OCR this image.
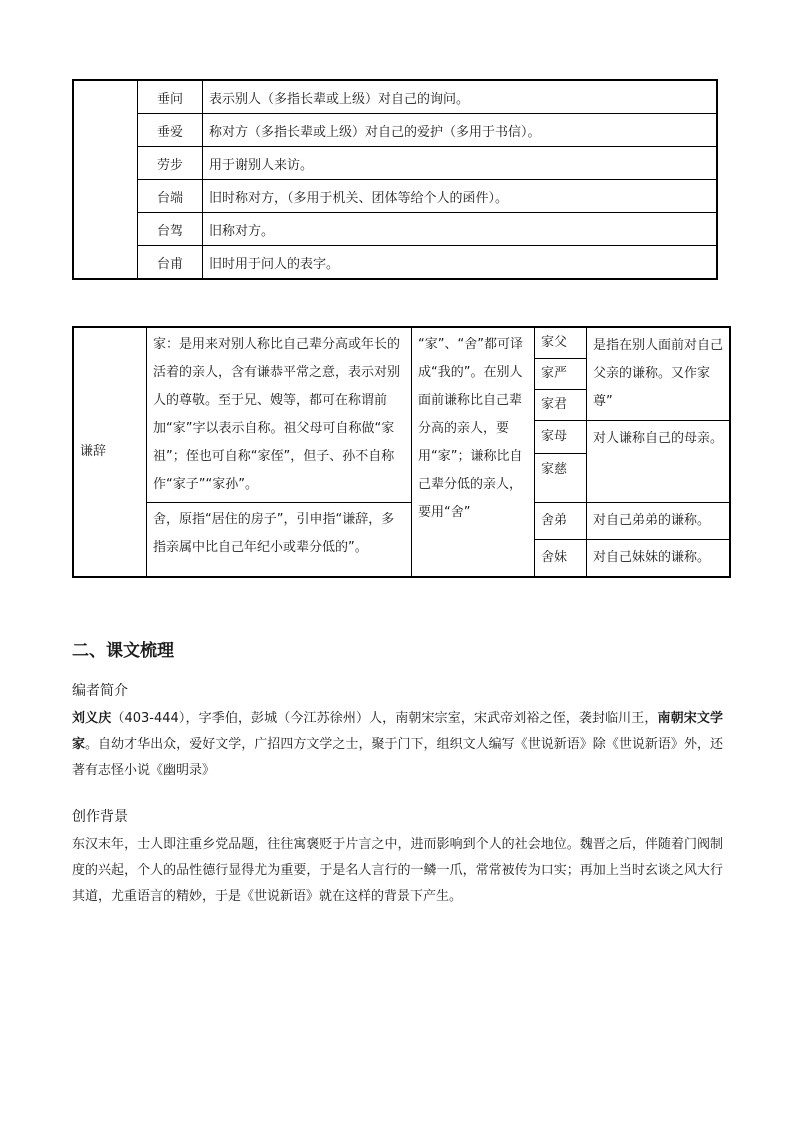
	垂问	表示别人（多指长辈或上级）对自己的询问。
	垂爱	称对方（多指长辈或上级）对自己的爱护（多用于书信）。
	劳步	用于谢别人来访。
	台端	旧时称对方，（多用于机关、团体等给个人的函件）。
	台驾	旧称对方。
	台甫	旧时用于问人的表字。
谦辞	家：是用来对别人称比自己辈分高或年长的活着的亲人，含有谦恭平常之意，表示对别人的尊敬。至于兄、嫂等，都可在称谓前加“家”字以表示自称。祖父母可自称做“家祖”；侄也可自称“家侄”，但子、孙不自称作“家子”“家孙”。	“家”、“舍”都可译成“我的”。在别人面前谦称比自己辈分高的亲人，要用“家”；谦称比自己辈分低的亲人，要用“舍”	家父	是指在别人面前对自己父亲的谦称。又作家尊”
			家严	
			家君	
			家母	对人谦称自己的母亲。
			家慈	
	舍，原指“居住的房子”，引申指“谦辞，多指亲属中比自己年纪小或辈分低的”。		舍弟	对自己弟弟的谦称。
			舍妹	对自己妹妹的谦称。
二、课文梳理
编者简介
刘义庆（403-444），字季伯，彭城（今江苏徐州）人，南朝宋宗室，宋武帝刘裕之侄，袭封临川王，南朝宋文学家。自幼才华出众，爱好文学，广招四方文学之士，聚于门下，组织文人编写《世说新语》除《世说新语》外，还著有志怪小说《幽明录》
创作背景
东汉末年，士人即注重乡党品题，往往寓褒贬于片言之中，进而影响到个人的社会地位。魏晋之后，伴随着门阀制度的兴起，个人的品性德行显得尤为重要，于是名人言行的一鳞一爪，常常被传为口实；再加上当时玄谈之风大行其道，尤重语言的精妙，于是《世说新语》就在这样的背景下产生。
